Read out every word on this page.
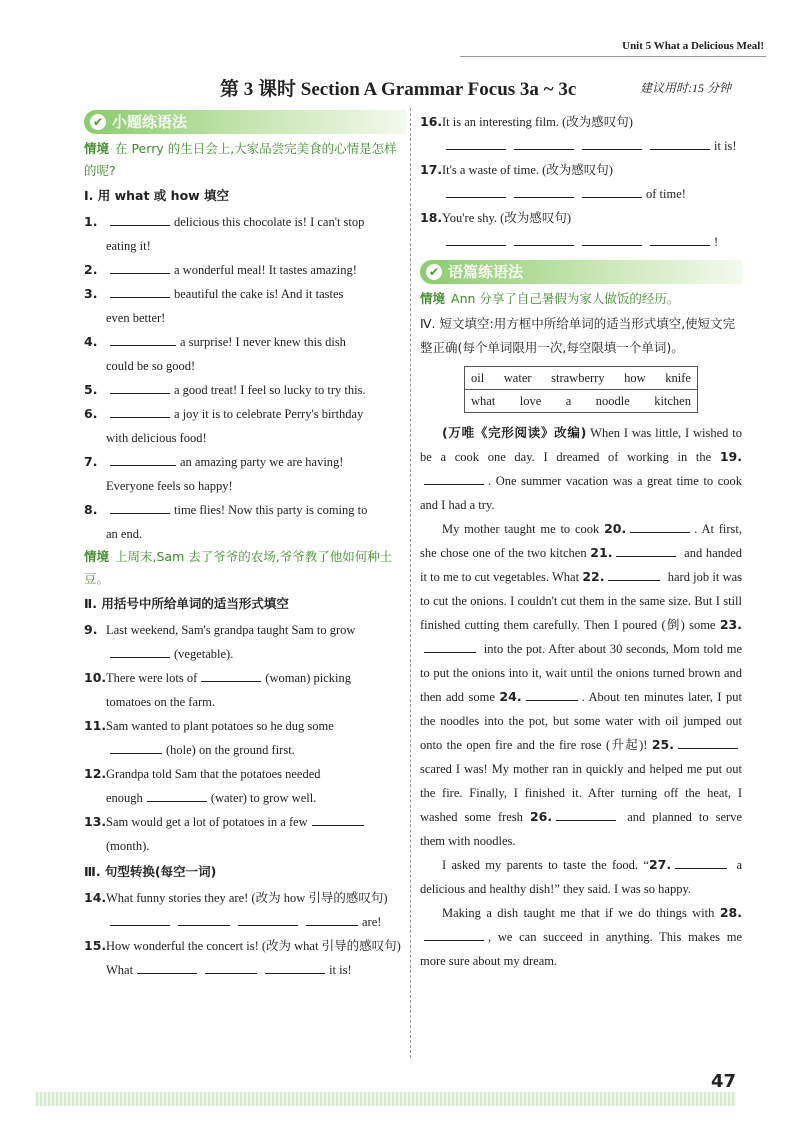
Unit 5 What a Delicious Meal!
第 3 课时 Section A Grammar Focus 3a ~ 3c	建议用时:15 分钟
✔ 小题练语法
情境 在 Perry 的生日会上,大家品尝完美食的心情是怎样的呢?
Ⅰ. 用 what 或 how 填空
1.	delicious this chocolate is! I can't stop
eating it!
2.	a wonderful meal! It tastes amazing!
3.	beautiful the cake is! And it tastes
even better!
4.	a surprise! I never knew this dish
could be so good!
5.	a good treat! I feel so lucky to try this.
6.	a joy it is to celebrate Perry's birthday
with delicious food!
7.	an amazing party we are having!
Everyone feels so happy!
8.	time flies! Now this party is coming to
an end.
情境 上周末,Sam 去了爷爷的农场,爷爷教了他如何种土豆。
Ⅱ. 用括号中所给单词的适当形式填空
9. Last weekend, Sam's grandpa taught Sam to grow
(vegetable).
10. There were lots of	(woman) picking
tomatoes on the farm.
11. Sam wanted to plant potatoes so he dug some
(hole) on the ground first.
12. Grandpa told Sam that the potatoes needed
enough	(water) to grow well.
13. Sam would get a lot of potatoes in a few
(month).
Ⅲ. 句型转换(每空一词)
14. What funny stories they are! (改为 how 引导的感叹句)
are!
15. How wonderful the concert is! (改为 what 引导的感叹句)
What	it is!
16. It is an interesting film. (改为感叹句)
it is!
17. It's a waste of time. (改为感叹句)
of time!
18. You're shy. (改为感叹句)
!
✔ 语篇练语法
情境 Ann 分享了自己暑假为家人做饭的经历。
Ⅳ. 短文填空:用方框中所给单词的适当形式填空,使短文完整正确(每个单词限用一次,每空限填一个单词)。
oil water strawberry how knife
what love a noodle kitchen
(万唯《完形阅读》改编) When I was little, I wished to be a cook one day. I dreamed of working in the 19.. One summer vacation was a great time to cook and I had a try.
My mother taught me to cook 20.	. At first, she chose one of the two kitchen 21.	and handed it to me to cut vegetables. What 22.	hard job it was to cut the onions. I couldn't cut them in the same size. But I still finished cutting them carefully. Then I poured (倒) some 23. into the pot. After about 30 seconds, Mom told me to put the onions into it, wait until the onions turned brown and then add some 24.	. About ten minutes later, I put the noodles into the pot, but some water with oil jumped out onto the open fire and the fire rose (升起)! 25. scared I was! My mother ran in quickly and helped me put out the fire. Finally, I finished it. After turning off the heat, I washed some fresh 26.	and planned to serve them with noodles.
I asked my parents to taste the food. “27.	a delicious and healthy dish!” they said. I was so happy.
Making a dish taught me that if we do things with 28., we can succeed in anything. This makes me more sure about my dream.
47
